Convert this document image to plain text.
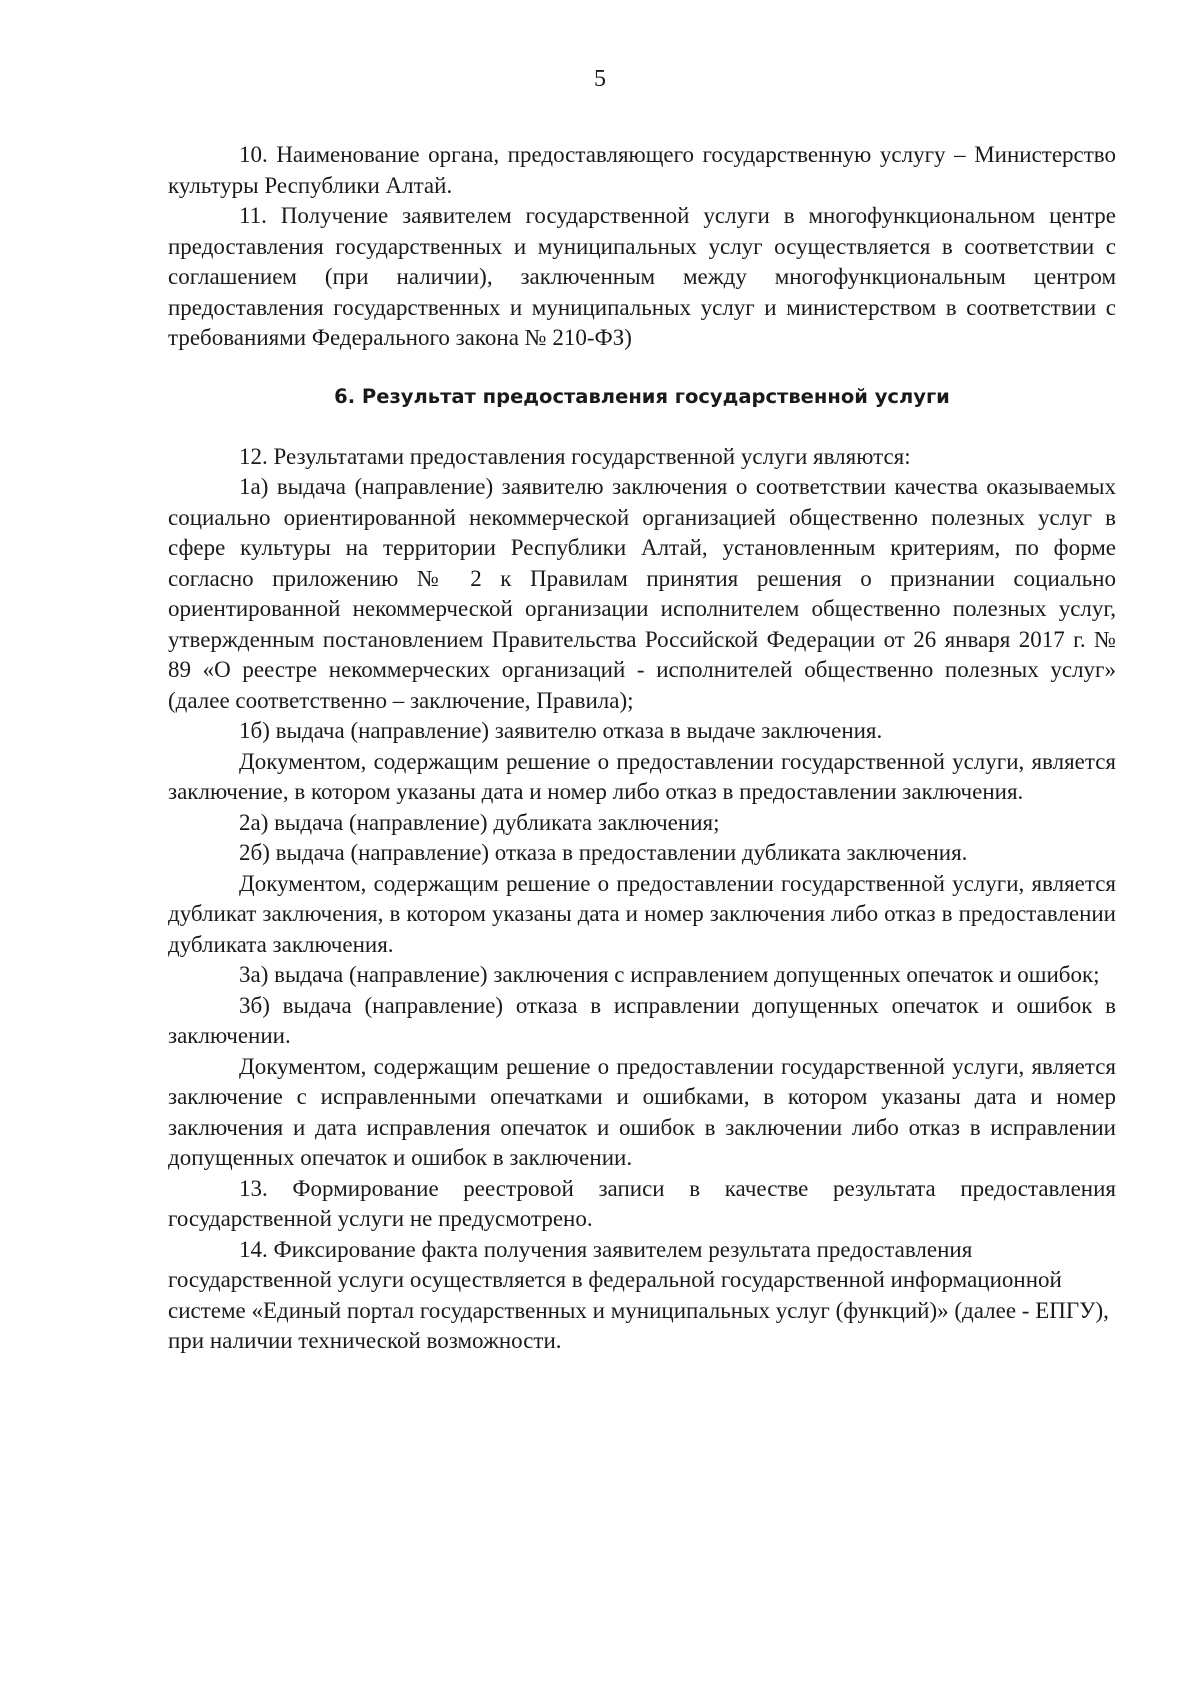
5

10. Наименование органа, предоставляющего государственную услугу – Министерство культуры Республики Алтай.

11. Получение заявителем государственной услуги в многофункциональном центре предоставления государственных и муниципальных услуг осуществляется в соответствии с соглашением (при наличии), заключенным между многофункциональным центром предоставления государственных и муниципальных услуг и министерством в соответствии с требованиями Федерального закона № 210-ФЗ)

6. Результат предоставления государственной услуги

12. Результатами предоставления государственной услуги являются:

1а) выдача (направление) заявителю заключения о соответствии качества оказываемых социально ориентированной некоммерческой организацией общественно полезных услуг в сфере культуры на территории Республики Алтай, установленным критериям, по форме согласно приложению № 2 к Правилам принятия решения о признании социально ориентированной некоммерческой организации исполнителем общественно полезных услуг, утвержденным постановлением Правительства Российской Федерации от 26 января 2017 г. № 89 «О реестре некоммерческих организаций - исполнителей общественно полезных услуг» (далее соответственно – заключение, Правила);

1б) выдача (направление) заявителю отказа в выдаче заключения.

Документом, содержащим решение о предоставлении государственной услуги, является заключение, в котором указаны дата и номер либо отказ в предоставлении заключения.

2а) выдача (направление) дубликата заключения;

2б) выдача (направление) отказа в предоставлении дубликата заключения.

Документом, содержащим решение о предоставлении государственной услуги, является дубликат заключения, в котором указаны дата и номер заключения либо отказ в предоставлении дубликата заключения.

3а) выдача (направление) заключения с исправлением допущенных опечаток и ошибок;

3б) выдача (направление) отказа в исправлении допущенных опечаток и ошибок в заключении.

Документом, содержащим решение о предоставлении государственной услуги, является заключение с исправленными опечатками и ошибками, в котором указаны дата и номер заключения и дата исправления опечаток и ошибок в заключении либо отказ в исправлении допущенных опечаток и ошибок в заключении.

13. Формирование реестровой записи в качестве результата предоставления государственной услуги не предусмотрено.

14. Фиксирование факта получения заявителем результата предоставления государственной услуги осуществляется в федеральной государственной информационной системе «Единый портал государственных и муниципальных услуг (функций)» (далее - ЕПГУ), при наличии технической возможности.
